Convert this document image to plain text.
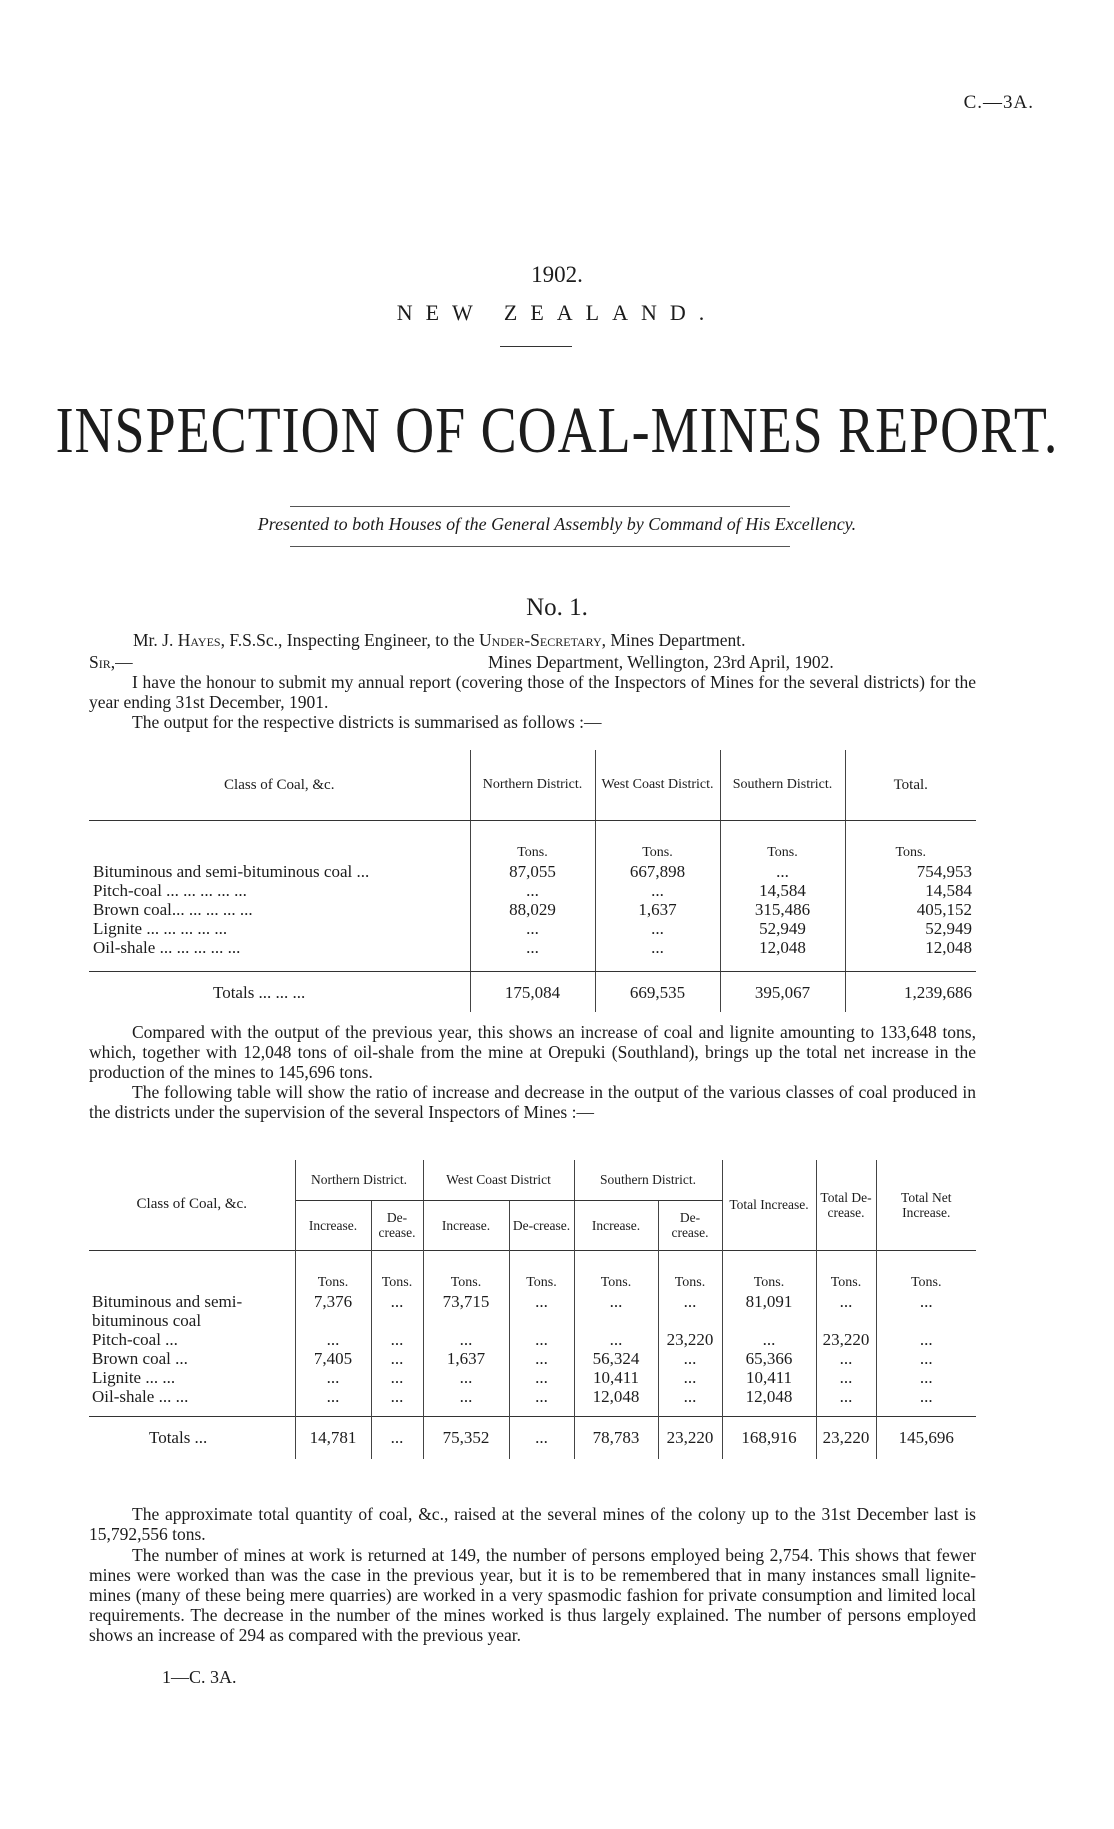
C.—3A.
1902.
NEW ZEALAND.
INSPECTION OF COAL-MINES REPORT.
Presented to both Houses of the General Assembly by Command of His Excellency.
No. 1.
Mr. J. Hayes, F.S.Sc., Inspecting Engineer, to the Under-Secretary, Mines Department.
Sir,—	Mines Department, Wellington, 23rd April, 1902.
I have the honour to submit my annual report (covering those of the Inspectors of Mines for the several districts) for the year ending 31st December, 1901.
The output for the respective districts is summarised as follows :—
Class of Coal, &c.	Northern District.	West Coast District.	Southern District.	Total.

	Tons.	Tons.	Tons.	Tons.
Bituminous and semi-bituminous coal ...	87,055	667,898	...	754,953
Pitch-coal ... ... ... ... ...	...	...	14,584	14,584
Brown coal... ... ... ... ...	88,029	1,637	315,486	405,152
Lignite ... ... ... ... ...	...	...	52,949	52,949
Oil-shale ... ... ... ... ...	...	...	12,048	12,048

Totals ... ... ...	175,084	669,535	395,067	1,239,686
Compared with the output of the previous year, this shows an increase of coal and lignite amounting to 133,648 tons, which, together with 12,048 tons of oil-shale from the mine at Orepuki (Southland), brings up the total net increase in the production of the mines to 145,696 tons.
The following table will show the ratio of increase and decrease in the output of the various classes of coal produced in the districts under the supervision of the several Inspectors of Mines :—
Class of Coal, &c.	Northern District.		West Coast District		Southern District.		Total Increase.	Total De-crease.	Total Net Increase.
	Increase.	De-crease.	Increase.	De-crease.	Increase.	De-crease.			

	Tons.	Tons.	Tons.	Tons.	Tons.	Tons.	Tons.	Tons.	Tons.
Bituminous and semi-
bituminous coal	7,376	...	73,715	...	...	...	81,091	...	...
Pitch-coal ...	...	...	...	...	...	23,220	...	23,220	...
Brown coal ...	7,405	...	1,637	...	56,324	...	65,366	...	...
Lignite ... ...	...	...	...	...	10,411	...	10,411	...	...
Oil-shale ... ...	...	...	...	...	12,048	...	12,048	...	...

Totals ...	14,781	...	75,352	...	78,783	23,220	168,916	23,220	145,696
The approximate total quantity of coal, &c., raised at the several mines of the colony up to the 31st December last is 15,792,556 tons.
The number of mines at work is returned at 149, the number of persons employed being 2,754. This shows that fewer mines were worked than was the case in the previous year, but it is to be remembered that in many instances small lignite-mines (many of these being mere quarries) are worked in a very spasmodic fashion for private consumption and limited local requirements. The decrease in the number of the mines worked is thus largely explained. The number of persons employed shows an increase of 294 as compared with the previous year.
1—C. 3A.
